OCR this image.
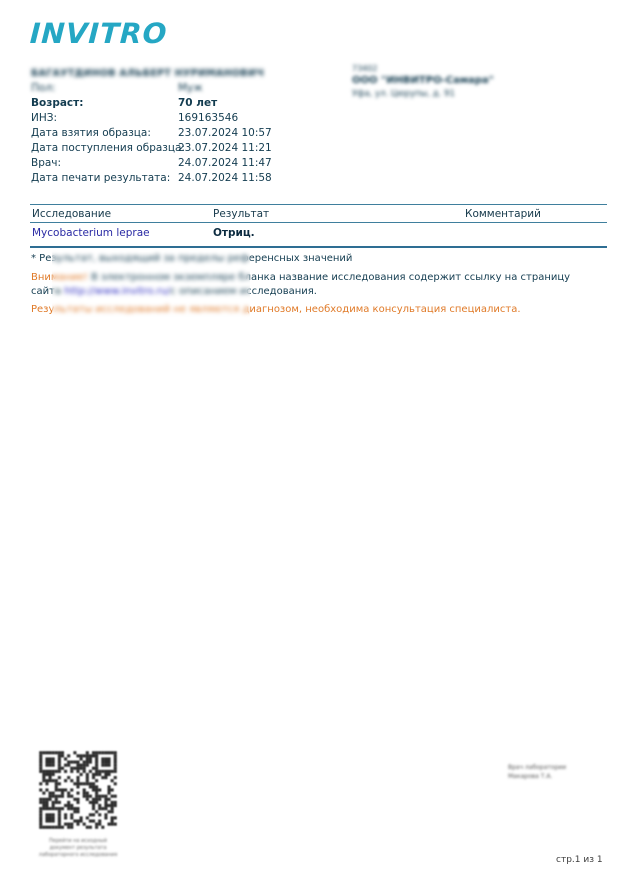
INVITRO
БАГАУТДИНОВ АЛЬБЕРТ НУРИМАНОВИЧ
Пол:	Муж
Возраст:	70 лет
ИНЗ:	169163546
Дата взятия образца:	23.07.2024 10:57
Дата поступления образца:23.07.2024 11:21
Врач:	24.07.2024 11:47
Дата печати результата: 24.07.2024 11:58
73402
ООО "ИНВИТРО-Самара"
Уфа, ул. Цюрупы, д. 91
Исследование	Результат	Комментарий
Mycobacterium leprae	Отриц.
* Результат, выходящий за пределы референсных значений
Внимание! В электронном экземпляре бланка название исследования содержит ссылку на страницу сайта http://www.invitro.ru/с описанием исследования.
Результаты исследований не являются диагнозом, необходима консультация специалиста.
Перейти на исходный
документ результата
лабораторного исследования
Врач лаборатории
Макарова Т.А.
стр.1 из 1
